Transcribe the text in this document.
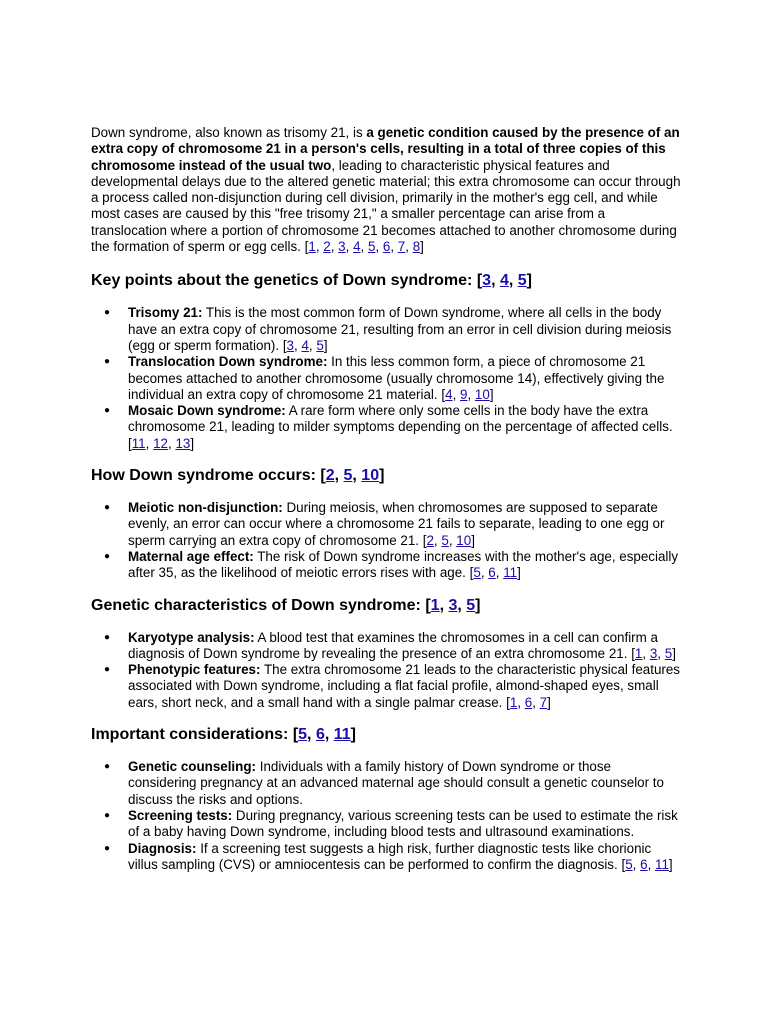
Down syndrome, also known as trisomy 21, is a genetic condition caused by the presence of an extra copy of chromosome 21 in a person's cells, resulting in a total of three copies of this chromosome instead of the usual two, leading to characteristic physical features and developmental delays due to the altered genetic material; this extra chromosome can occur through a process called non-disjunction during cell division, primarily in the mother's egg cell, and while most cases are caused by this "free trisomy 21," a smaller percentage can arise from a translocation where a portion of chromosome 21 becomes attached to another chromosome during the formation of sperm or egg cells. [1, 2, 3, 4, 5, 6, 7, 8]

Key points about the genetics of Down syndrome: [3, 4, 5]
● Trisomy 21: This is the most common form of Down syndrome, where all cells in the body have an extra copy of chromosome 21, resulting from an error in cell division during meiosis (egg or sperm formation). [3, 4, 5]
● Translocation Down syndrome: In this less common form, a piece of chromosome 21 becomes attached to another chromosome (usually chromosome 14), effectively giving the individual an extra copy of chromosome 21 material. [4, 9, 10]
● Mosaic Down syndrome: A rare form where only some cells in the body have the extra chromosome 21, leading to milder symptoms depending on the percentage of affected cells. [11, 12, 13]
How Down syndrome occurs: [2, 5, 10]
● Meiotic non-disjunction: During meiosis, when chromosomes are supposed to separate evenly, an error can occur where a chromosome 21 fails to separate, leading to one egg or sperm carrying an extra copy of chromosome 21. [2, 5, 10]
● Maternal age effect: The risk of Down syndrome increases with the mother's age, especially after 35, as the likelihood of meiotic errors rises with age. [5, 6, 11]
Genetic characteristics of Down syndrome: [1, 3, 5]
● Karyotype analysis: A blood test that examines the chromosomes in a cell can confirm a diagnosis of Down syndrome by revealing the presence of an extra chromosome 21. [1, 3, 5]
● Phenotypic features: The extra chromosome 21 leads to the characteristic physical features associated with Down syndrome, including a flat facial profile, almond-shaped eyes, small ears, short neck, and a small hand with a single palmar crease. [1, 6, 7]
Important considerations: [5, 6, 11]
● Genetic counseling: Individuals with a family history of Down syndrome or those considering pregnancy at an advanced maternal age should consult a genetic counselor to discuss the risks and options.
● Screening tests: During pregnancy, various screening tests can be used to estimate the risk of a baby having Down syndrome, including blood tests and ultrasound examinations.
● Diagnosis: If a screening test suggests a high risk, further diagnostic tests like chorionic villus sampling (CVS) or amniocentesis can be performed to confirm the diagnosis. [5, 6, 11]
